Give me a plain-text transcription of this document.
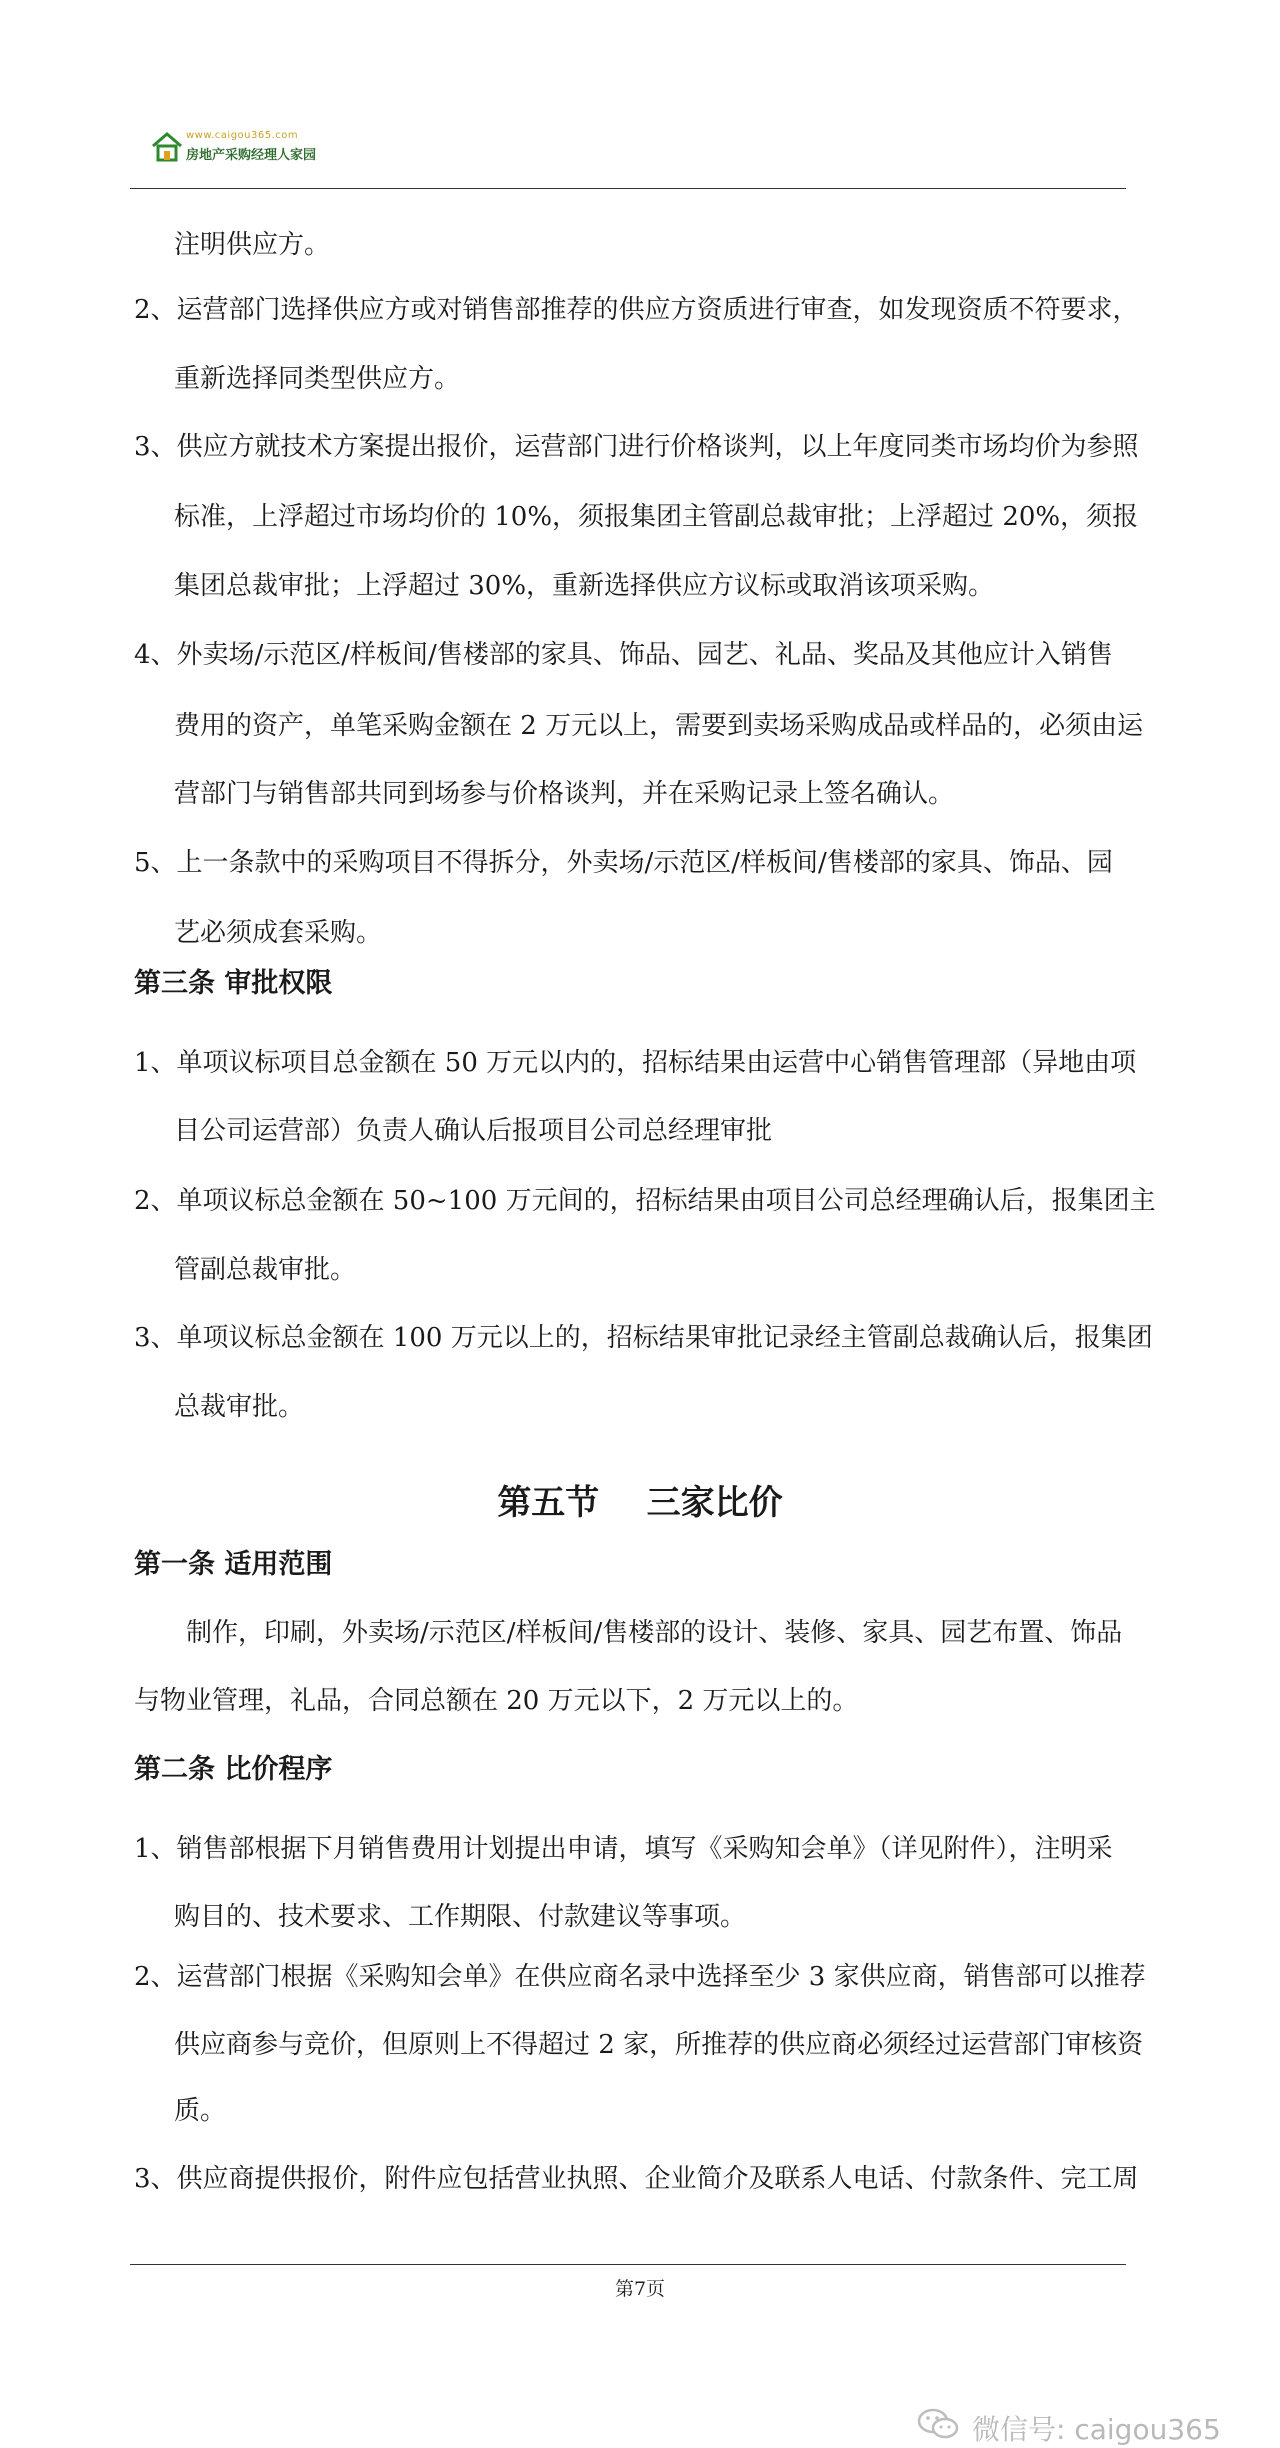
www.caigou365.com
房地产采购经理人家园
注明供应方。
2、运营部门选择供应方或对销售部推荐的供应方资质进行审查，如发现资质不符要求，
重新选择同类型供应方。
3、供应方就技术方案提出报价，运营部门进行价格谈判，以上年度同类市场均价为参照
标准，上浮超过市场均价的 10%，须报集团主管副总裁审批；上浮超过 20%，须报
集团总裁审批；上浮超过 30%，重新选择供应方议标或取消该项采购。
4、外卖场/示范区/样板间/售楼部的家具、饰品、园艺、礼品、奖品及其他应计入销售
费用的资产，单笔采购金额在 2 万元以上，需要到卖场采购成品或样品的，必须由运
营部门与销售部共同到场参与价格谈判，并在采购记录上签名确认。
5、上一条款中的采购项目不得拆分，外卖场/示范区/样板间/售楼部的家具、饰品、园
艺必须成套采购。
第三条 审批权限
1、单项议标项目总金额在 50 万元以内的，招标结果由运营中心销售管理部（异地由项
目公司运营部）负责人确认后报项目公司总经理审批
2、单项议标总金额在 50~100 万元间的，招标结果由项目公司总经理确认后，报集团主
管副总裁审批。
3、单项议标总金额在 100 万元以上的，招标结果审批记录经主管副总裁确认后，报集团
总裁审批。
第五节    三家比价
第一条 适用范围
制作，印刷，外卖场/示范区/样板间/售楼部的设计、装修、家具、园艺布置、饰品
与物业管理，礼品，合同总额在 20 万元以下，2 万元以上的。
第二条 比价程序
1、销售部根据下月销售费用计划提出申请，填写《采购知会单》（详见附件），注明采
购目的、技术要求、工作期限、付款建议等事项。
2、运营部门根据《采购知会单》在供应商名录中选择至少 3 家供应商，销售部可以推荐
供应商参与竞价，但原则上不得超过 2 家，所推荐的供应商必须经过运营部门审核资
质。
3、供应商提供报价，附件应包括营业执照、企业简介及联系人电话、付款条件、完工周
第7页
微信号: caigou365
